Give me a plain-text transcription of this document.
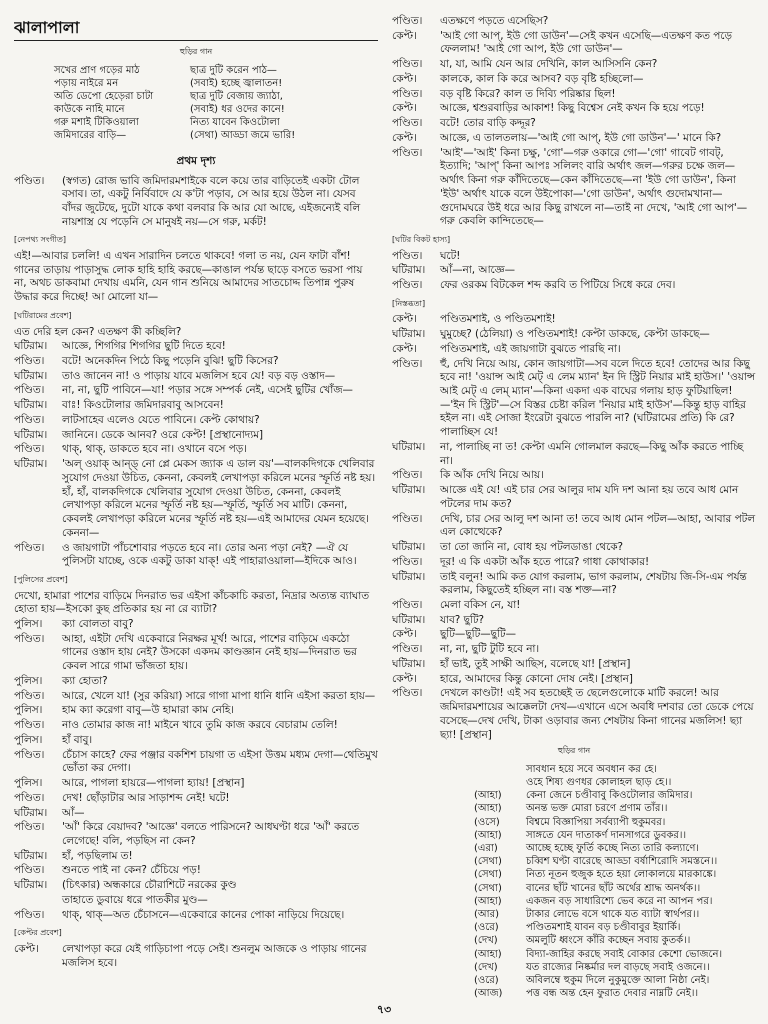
ঝালাপালা
হুড়ির গান
সখের প্রাণ গড়ের মাঠ	ছাত্র দুটি করেন পাঠ—
পড়ায় নাইরে মন	(সবাই) হচ্ছে জ্বালাতন!
অতি ডেপো হেড়েরা চাটা	ছাত্র দুটি বেজায় জ্যাঠা,
কাউকে নাহি মানে	(সবাই) ধর ওদের কানে!
গরু মশাই টিকিওয়ালা	নিত্য যাবেন কিওটোলা
জমিদারের বাড়ি—	(সেথা) আড্ডা জমে ভারি!
প্রথম দৃশ্য
পণ্ডিত।	(স্বগত) রোজ ভাবি জমিদারমশাইকে বলে কয়ে তার বাড়িতেই একটা টোল বসাব। তা, একটু নির্বিবাদে যে ক'টা পড়াব, সে আর হয়ে উঠল না। যেসব বাঁদর জুটেছে, দুটো যাকে কথা বলবার কি আর যো আছে, এইজন্যেই বলি নায়শাস্ত্র যে পড়েনি সে মানুষই নয়—সে গরু, মর্কট!
[নেপথ্য সংগীত]
এই!—আবার চললি! এ এখন সারাদিন চলতে থাকবে! গলা ত নয়, যেন ফাটা বাঁশ! গানের তাড়ায় পাড়াসুদ্ধ লোক হাহি হাহি করছে—কাঙাল পর্যন্ত ছাড়ে বসতে ভরসা পায় না, অথচ ডাকবামা দেখায় এমনি, যেন গান শুনিয়ে আমাদের সাতচোদ্দ তিপান্ন পুরুষ উদ্ধার করে দিচ্ছে! আ মোলো যা—
[ঘটিরামের প্রবেশ]
এত দেরি হল কেন? এতক্ষণ কী কচ্ছিলি?
ঘটিরাম।	আজ্ঞে, শিগগির শিগগির ছুটি দিতে হবে!
পণ্ডিত।	বটে! অনেকদিন পিঠে কিছু পড়েনি বুঝি! ছুটি কিসের?
ঘটিরাম।	তাও জানেন না! ও পাড়ায় যাবে মজলিস হবে যে! বড় বড় ওস্তাদ—
পণ্ডিত।	না, না, ছুটি পাবিনে—যা! পড়ার সঙ্গে সম্পর্ক নেই, এসেই ছুটির খোঁজ—
ঘটিরাম।	বাঃ! কিওটোলার জমিদারবাবু আসবেন!
পণ্ডিত।	লাটসাহেব এলেও যেতে পাবিনে। কেপ্ট কোথায়?
ঘটিরাম।	জানিনে। ডেকে আনব? ওরে কেপ্ট! [প্রস্থানোদ্যম]
পণ্ডিত।	থাক্, থাক্, ডাকতে হবে না। ওখানে বসে পড়।
ঘটিরাম।	'অল্ ওয়াক্ আন্ড্ নো প্লে মেকস জ্যাক এ ডাল বয়'—বালকদিগকে খেলিবার সুযোগ দেওয়া উচিত, কেননা, কেবলই লেখাপড়া করিলে মনের স্ফূর্তি নষ্ট হয়। হাঁ, হাঁ, বালকদিগকে খেলিবার সুযোগ দেওয়া উচিত, কেননা, কেবলই লেখাপড়া করিলে মনের স্ফূর্তি নষ্ট হয়—স্ফূর্তি, স্ফূর্তি সব মাটি। কেননা, কেবলই লেখাপড়া করিলে মনের স্ফূর্তি নষ্ট হয়—এই আমাদের যেমন হয়েছে। কেননা—
পণ্ডিত।	ও জায়গাটা পাঁচশোবার পড়তে হবে না। তোর অন্য পড়া নেই? —ঐ যে পুলিসটা যাচ্ছে, ওকে একটু ডাকা যাক্! এই পাহারাওয়ালা—ইদিকে আও।
[পুলিসের প্রবেশ]
দেখো, হামারা পাশের বাড়িমে দিনরাত ভর এইসা কাঁচকাচি করতা, নিদ্রার অত্যন্ত ব্যাঘাত হোতা হায়—ইসকো কুছ প্রতিকার হয় না রে ব্যাটা?
পুলিস।	ক্যা বোলতা বাবু?
পণ্ডিত।	আহা, এইটা দেখি একেবারে নিরক্ষর মূর্খ! আরে, পাশের বাড়িমে একঠো গানের ওস্তাদ হায় নেই? উসকো একদম কাণ্ডজ্ঞান নেই হায়—দিনরাত ভর কেবল সারে গামা ভাঁজতা হায়।
পুলিস।	ক্যা হোতা?
পণ্ডিত।	আরে, খেলে যা! (সুর করিয়া) সারে গাগা মাপা ধানি ধানি এইসা করতা হায়—
পুলিস।	হাম ক্যা করেগা বাবু—উ হামারা কাম নেহি।
পণ্ডিত।	নাও তোমার কাজ না! মাইনে খাবে তুমি কাজ করবে বেচারাম তেলি!
পুলিস।	হাঁ বাবু।
পণ্ডিত।	চেঁচাস কাহে? ফের পঞ্জার বকশিশ চায়গা ত এইসা উত্তম মধ্যম দেগা—থেতিমুখ ভোঁতা কর দেগা।
পুলিস।	আরে, পাগলা হায়রে—পাগলা হ্যায়! [প্রস্থান]
পণ্ডিত।	দেখ! ছোঁড়াটার আর সাড়াশব্দ নেই! ঘটে!
ঘটিরাম।	আঁ—
পণ্ডিত।	'আঁ' কিরে বেয়াদব? 'আজ্ঞে' বলতে পারিসনে? আধঘণ্টা ধরে 'আঁ' করতে লেগেছে! বলি, পড়ছিস না কেন?
ঘটিরাম।	হাঁ, পড়ছিলাম ত!
পণ্ডিত।	শুনতে পাই না কেন? চেঁচিয়ে পড়!
ঘটিরাম।	(চিৎকার) অন্ধকারে চৌরাশিটে নরকের কুণ্ড
তাহাতে ডুবায়ে ধরে পাতকীর মুণ্ড—
পণ্ডিত।	থাক্, থাক্—অত চেঁচাসনে—একেবারে কানের পোকা নাড়িয়ে দিয়েছে।
[কেপ্টর প্রবেশ]
কেপ্ট।	লেখাপড়া করে যেই গাড়িচাপা পড়ে সেই। শুনলুম আজকে ও পাড়ায় গানের মজলিস হবে।
পণ্ডিত।	এতক্ষণে পড়তে এসেছিস?
কেপ্ট।	'আই গো আপ্, ইউ গো ডাউন'—সেই কখন এসেছি—এতক্ষণ কত পড়ে ফেললাম! 'আই গো আপ, ইউ গো ডাউন'—
পণ্ডিত।	যা, যা, আমি যেন আর দেখিনি, কাল আসিসনি কেন?
কেপ্ট।	কালকে, কাল কি করে আসব? বড় বৃষ্টি হচ্ছিলো—
পণ্ডিত।	বড় বৃষ্টি কিরে? কাল ত দিব্যি পরিষ্কার ছিল!
কেপ্ট।	আজ্ঞে, শ্বশুরবাড়ির আকাশ! কিছু বিশ্বেস নেই কখন কি হয়ে পড়ে!
পণ্ডিত।	বটে! তোর বাড়ি কদ্দূর?
কেপ্ট।	আজ্ঞে, এ তালতলায়—'আই গো আপ্, ইউ গো ডাউন'—' মানে কি?
পণ্ডিত।	'আই'—'আই' কিনা চক্ষু, 'গো'—গরু ওকারে গো—'গো' গাবেট গাবট্, ইত্যাদি; 'আপ্' কিনা আপঃ সলিলং বারি অর্থাৎ জল—গরুর চক্ষে জল—অর্থাৎ কিনা গরু কাঁদিতেছে—কেন কাঁদিতেছে—না 'ইউ গো ডাউন', কিনা 'ইউ' অর্থাৎ যাকে বলে উইপোকা—'গো ডাউন', অর্থাৎ গুদোমখানা—গুদোমঘরে উই ধরে আর কিছু রাখলে না—তাই না দেখে, 'আই গো আপ'—গরু কেবলি কান্দিতেছে—
[ঘটির বিকট হাস্য]
পণ্ডিত।	ঘটে!
ঘটিরাম।	আঁ—না, আজ্ঞে—
পণ্ডিত।	ফের ওরকম বিটকেল শব্দ করবি ত পিটিয়ে সিধে করে দেব।
[নিস্তব্ধতা]
কেপ্ট।	পণ্ডিতমশাই, ও পণ্ডিতমশাই!
ঘটিরাম।	ঘুমুচ্ছে? (ঠেলিয়া) ও পণ্ডিতমশাই! কেপ্টা ডাকছে, কেপ্টা ডাকছে—
কেপ্ট।	পণ্ডিতমশাই, এই জায়গাটা বুঝতে পারছি না।
পণ্ডিত।	হুঁ, দেখি নিয়ে আয়, কোন জায়গাটা—সব বলে দিতে হবে! তোদের আর কিছু হবে না! 'ওয়ান্স আই মেট্ এ লেম ম্যান' ইন দি স্ট্রিট নিয়ার মাই হাউস।' 'ওয়ান্স আই মেট্ এ লেম্ ম্যান'—কিনা একদা এক বাঘের গলায় হাড় ফুটিয়াছিল!—'ইন দি স্ট্রিট'—সে বিস্তর চেষ্টা করিল 'নিয়ার মাই হাউস'—কিন্তু হাড় বাহির হইল না। এই সোজা ইংরেটা বুঝতে পারলি না? (ঘটিরামের প্রতি) কি রে? পালাচ্ছিস যে!
ঘটিরাম।	না, পালাচ্ছি না ত! কেপ্টা এমনি গোলমাল করছে—কিছু আঁক করতে পাচ্ছি না।
পণ্ডিত।	কি আঁক দেখি নিয়ে আয়।
ঘটিরাম।	আজ্ঞে এই যে! এই চার সের আলুর দাম যদি দশ আনা হয় তবে আধ মোন পটলের দাম কত?
পণ্ডিত।	দেখি, চার সের আলু দশ আনা ত! তবে আধ মোন পটল—আহা, আবার পটল এল কোত্থেকে?
ঘটিরাম।	তা তো জানি না, বোধ হয় পটলডাঙা থেকে?
পণ্ডিত।	দূর! এ কি একটা আঁক হতে পারে? গাধা কোথাকার!
ঘটিরাম।	তাই বলুন! আমি কত যোগ করলাম, ভাগ করলাম, শেষটায় জি-সি-এম পর্যন্ত করলাম, কিছুতেই হচ্ছিল না। বস্ত শক্ত—না?
পণ্ডিত।	মেলা বকিস নে, যা!
ঘটিরাম।	যাব? ছুটি?
কেপ্ট।	ছুটি—ছুটি—ছুটি—
পণ্ডিত।	না, না, ছুটি টুটি হবে না।
ঘটিরাম।	হাঁ ভাই, তুই সাক্ষী আছিস, বলেছে যা! [প্রস্থান]
কেপ্ট।	হারে, আমাদের কিন্তু কোনো দোষ নেই। [প্রস্থান]
পণ্ডিত।	দেখলে কাণ্ডটা! এই সব হতচ্ছেই ত ছেলেগুলোকে মাটি করলে! আর জমিদারমশায়ের আক্কেলটা দেখ—এখানে এসে অবধি দশবার তো ডেকে পেয়ে বসেছে—দেখ দেখি, টাকা ওড়াবার জন্য শেষটায় কিনা গানের মজলিস! ছ্যা ছ্যা! [প্রস্থান]
হুড়ির গান
সাবধান হয়ে সবে অবধান কর হে।
ওহে শিষ্য গুণধর কোলাহল ছাড় হে।।
(আহা)	কেনা জেনে চণ্ডীবাবু কিওটোলার জমিদার।
(আহা)	অনন্ত ভক্ত মোরা চরণে প্রণাম তাঁর।।
(ওসে)	বিশ্বমে বিজ্ঞাপিয়া সর্বব্যাপী হুকুমবর।
(আহা)	সাঙ্গতে যেন দাতাকর্ণ দানসাগরে ডুবকর।।
(এরা)	আচ্ছে হচ্ছে ফুর্তি কচ্ছে নিত্য তারি কল্যাণে।
(সেথা)	চব্বিশ ঘণ্টা বারেছে আড্ডা বর্ষাশিরোদি সমস্তনে।।
(সেথা)	নিত্য নূতন হুজুক হতে হয়া লোকালয়ে মারকাঙ্কে।
(সেথা)	বানের ছাঁট খানের ছাঁট অর্থের শ্রাদ্ধ অনর্থক।।
(আহা)	একজন বড় সাধারিশ্যে ভেব করে না আপন পর।
(আর)	টাকার লোভে বসে থাকে যত ব্যাটা স্বার্থপর।।
(ওরে)	পণ্ডিতমশাই যাবন বড় চণ্ডীবাবুর ইয়ার্কি।
(দেখ)	অমলুটি ধ্বংসে কাঁরি কচ্ছেন সবায় কুতর্ক।।
(আহা)	বিদ্যা-জাহির করছে সবাই বোকার কেশো ভোজনে।
(দেখ)	যত রাজ্যের নিষ্কর্মার দল বাড়ছে সবাই ওজনে।।
(ওরে)	অবিলম্বে হুকুম দিলে নুকুমুক্তে আলা নিষ্ঠা নেই।
(আজ)	পত্ত বন্ধ অন্ত হেন ফুরাত দেবার নাম্নটি নেই।।
৭৩
